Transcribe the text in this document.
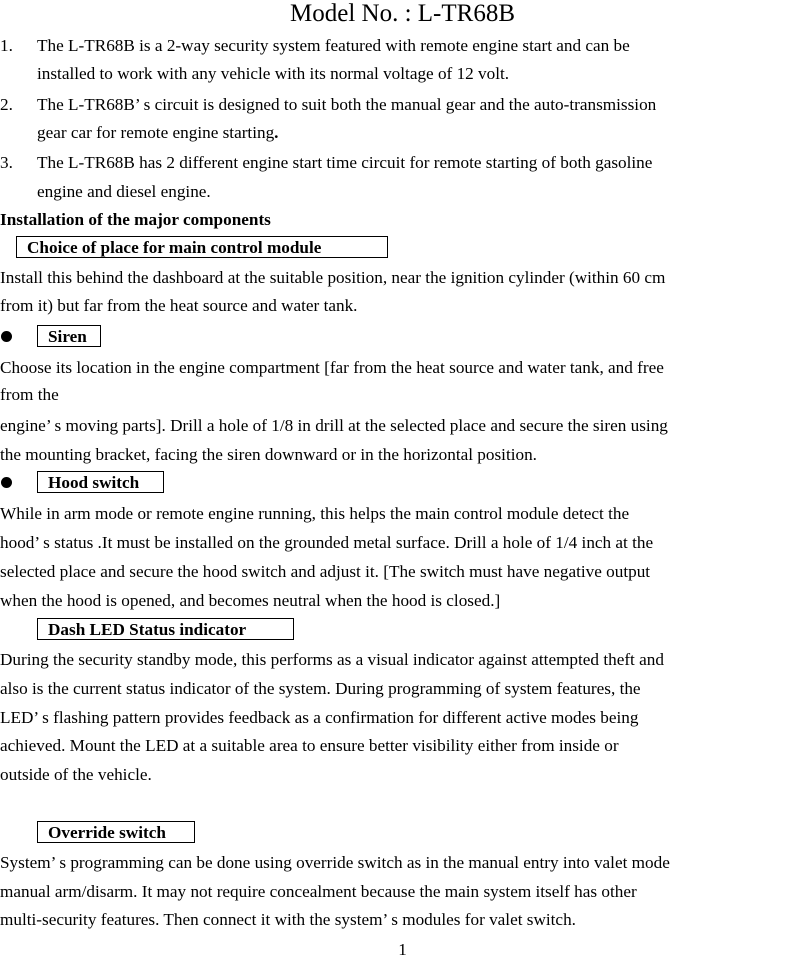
Model No. : L-TR68B
1. The L-TR68B is a 2-way security system featured with remote engine start and can be
installed to work with any vehicle with its normal voltage of 12 volt.
2. The L-TR68B’ s circuit is designed to suit both the manual gear and the auto-transmission
gear car for remote engine starting.
3. The L-TR68B has 2 different engine start time circuit for remote starting of both gasoline
engine and diesel engine.
Installation of the major components
Choice of place for main control module
Install this behind the dashboard at the suitable position, near the ignition cylinder (within 60 cm
from it) but far from the heat source and water tank.
Siren
Choose its location in the engine compartment [far from the heat source and water tank, and free
from the
engine’ s moving parts]. Drill a hole of 1/8 in drill at the selected place and secure the siren using
the mounting bracket, facing the siren downward or in the horizontal position.
Hood switch
While in arm mode or remote engine running, this helps the main control module detect the
hood’ s status .It must be installed on the grounded metal surface. Drill a hole of 1/4 inch at the
selected place and secure the hood switch and adjust it. [The switch must have negative output
when the hood is opened, and becomes neutral when the hood is closed.]
Dash LED Status indicator
During the security standby mode, this performs as a visual indicator against attempted theft and
also is the current status indicator of the system. During programming of system features, the
LED’ s flashing pattern provides feedback as a confirmation for different active modes being
achieved. Mount the LED at a suitable area to ensure better visibility either from inside or
outside of the vehicle.
Override switch
System’ s programming can be done using override switch as in the manual entry into valet mode
manual arm/disarm. It may not require concealment because the main system itself has other
multi-security features. Then connect it with the system’ s modules for valet switch.
1
